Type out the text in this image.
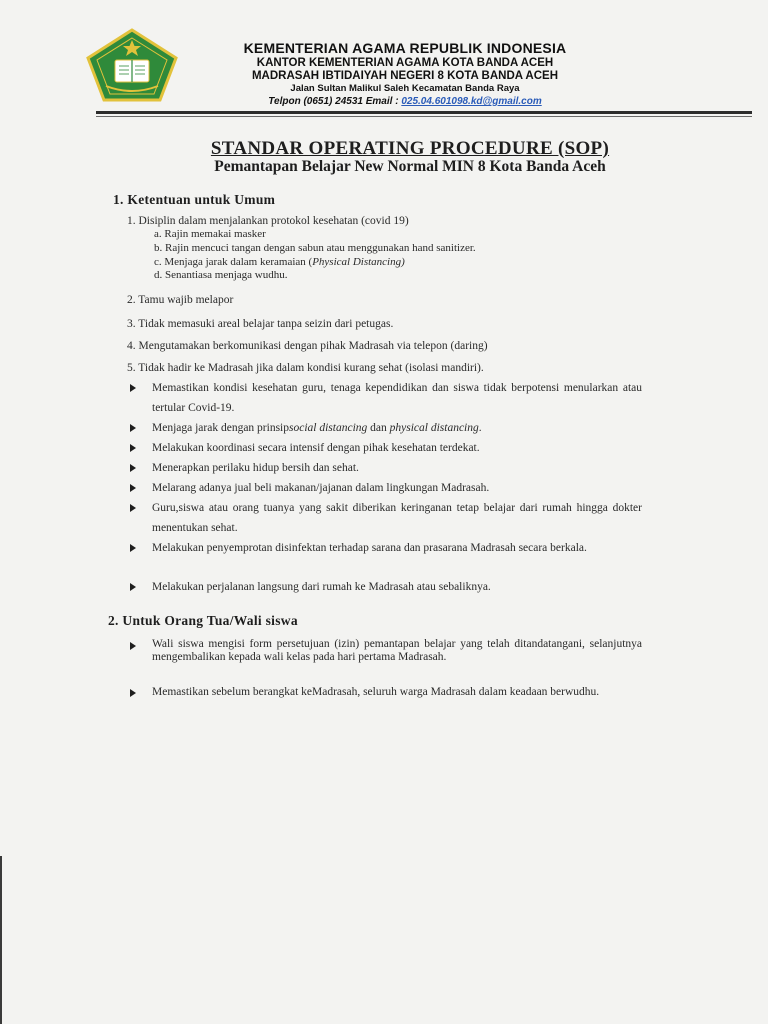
KEMENTERIAN AGAMA REPUBLIK INDONESIA
KANTOR KEMENTERIAN AGAMA KOTA BANDA ACEH
MADRASAH IBTIDAIYAH NEGERI 8 KOTA BANDA ACEH
Jalan Sultan Malikul Saleh Kecamatan Banda Raya
Telpon (0651) 24531 Email : 025.04.601098.kd@gmail.com
STANDAR OPERATING PROCEDURE (SOP)
Pemantapan Belajar New Normal MIN 8 Kota Banda Aceh
1. Ketentuan untuk Umum
1. Disiplin dalam menjalankan protokol kesehatan (covid 19)
a. Rajin memakai masker
b. Rajin mencuci tangan dengan sabun atau menggunakan hand sanitizer.
c. Menjaga jarak dalam keramaian (Physical Distancing)
d. Senantiasa menjaga wudhu.
2. Tamu wajib melapor
3. Tidak memasuki areal belajar tanpa seizin dari petugas.
4. Mengutamakan berkomunikasi dengan pihak Madrasah via telepon (daring)
5. Tidak hadir ke Madrasah jika dalam kondisi kurang sehat (isolasi mandiri).
Memastikan kondisi kesehatan guru, tenaga kependidikan dan siswa tidak berpotensi menularkan atau tertular Covid-19.
Menjaga jarak dengan prinsipsocial distancing dan physical distancing.
Melakukan koordinasi secara intensif dengan pihak kesehatan terdekat.
Menerapkan perilaku hidup bersih dan sehat.
Melarang adanya jual beli makanan/jajanan dalam lingkungan Madrasah.
Guru,siswa atau orang tuanya yang sakit diberikan keringanan tetap belajar dari rumah hingga dokter menentukan sehat.
Melakukan penyemprotan disinfektan terhadap sarana dan prasarana Madrasah secara berkala.
Melakukan perjalanan langsung dari rumah ke Madrasah atau sebaliknya.
2. Untuk Orang Tua/Wali siswa
Wali siswa mengisi form persetujuan (izin) pemantapan belajar yang telah ditandatangani, selanjutnya mengembalikan kepada wali kelas pada hari pertama Madrasah.
Memastikan sebelum berangkat keMadrasah, seluruh warga Madrasah dalam keadaan berwudhu.
